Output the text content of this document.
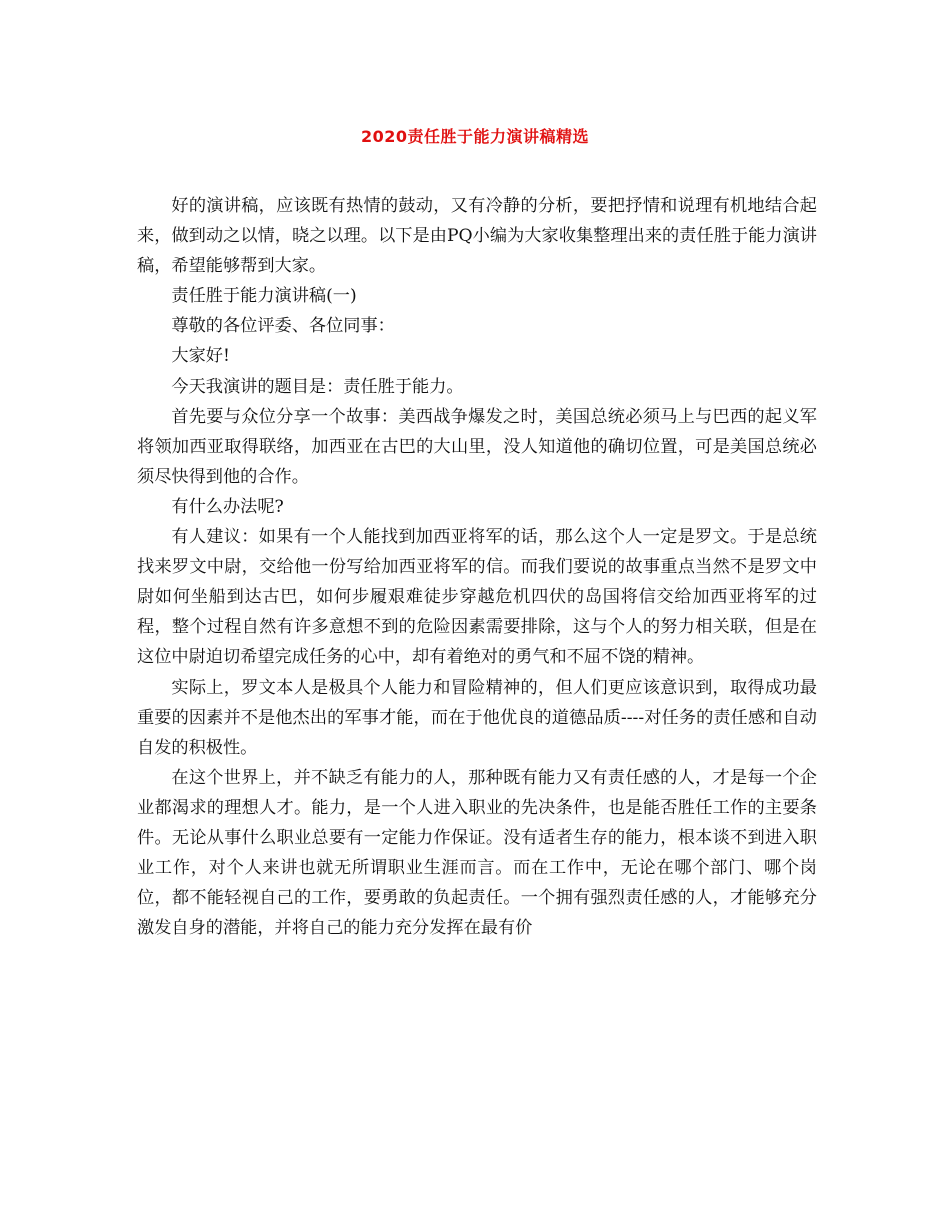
2020责任胜于能力演讲稿精选

好的演讲稿，应该既有热情的鼓动，又有冷静的分析，要把抒情和说理有机地结合起来，做到动之以情，晓之以理。以下是由PQ小编为大家收集整理出来的责任胜于能力演讲稿，希望能够帮到大家。

责任胜于能力演讲稿(一)

尊敬的各位评委、各位同事：

大家好!

今天我演讲的题目是：责任胜于能力。

首先要与众位分享一个故事：美西战争爆发之时，美国总统必须马上与巴西的起义军将领加西亚取得联络，加西亚在古巴的大山里，没人知道他的确切位置，可是美国总统必须尽快得到他的合作。

有什么办法呢?

有人建议：如果有一个人能找到加西亚将军的话，那么这个人一定是罗文。于是总统找来罗文中尉，交给他一份写给加西亚将军的信。而我们要说的故事重点当然不是罗文中尉如何坐船到达古巴，如何步履艰难徒步穿越危机四伏的岛国将信交给加西亚将军的过程，整个过程自然有许多意想不到的危险因素需要排除，这与个人的努力相关联，但是在这位中尉迫切希望完成任务的心中，却有着绝对的勇气和不屈不饶的精神。

实际上，罗文本人是极具个人能力和冒险精神的，但人们更应该意识到，取得成功最重要的因素并不是他杰出的军事才能，而在于他优良的道德品质----对任务的责任感和自动自发的积极性。

在这个世界上，并不缺乏有能力的人，那种既有能力又有责任感的人，才是每一个企业都渴求的理想人才。能力，是一个人进入职业的先决条件，也是能否胜任工作的主要条件。无论从事什么职业总要有一定能力作保证。没有适者生存的能力，根本谈不到进入职业工作，对个人来讲也就无所谓职业生涯而言。而在工作中，无论在哪个部门、哪个岗位，都不能轻视自己的工作，要勇敢的负起责任。一个拥有强烈责任感的人，才能够充分激发自身的潜能，并将自己的能力充分发挥在最有价
